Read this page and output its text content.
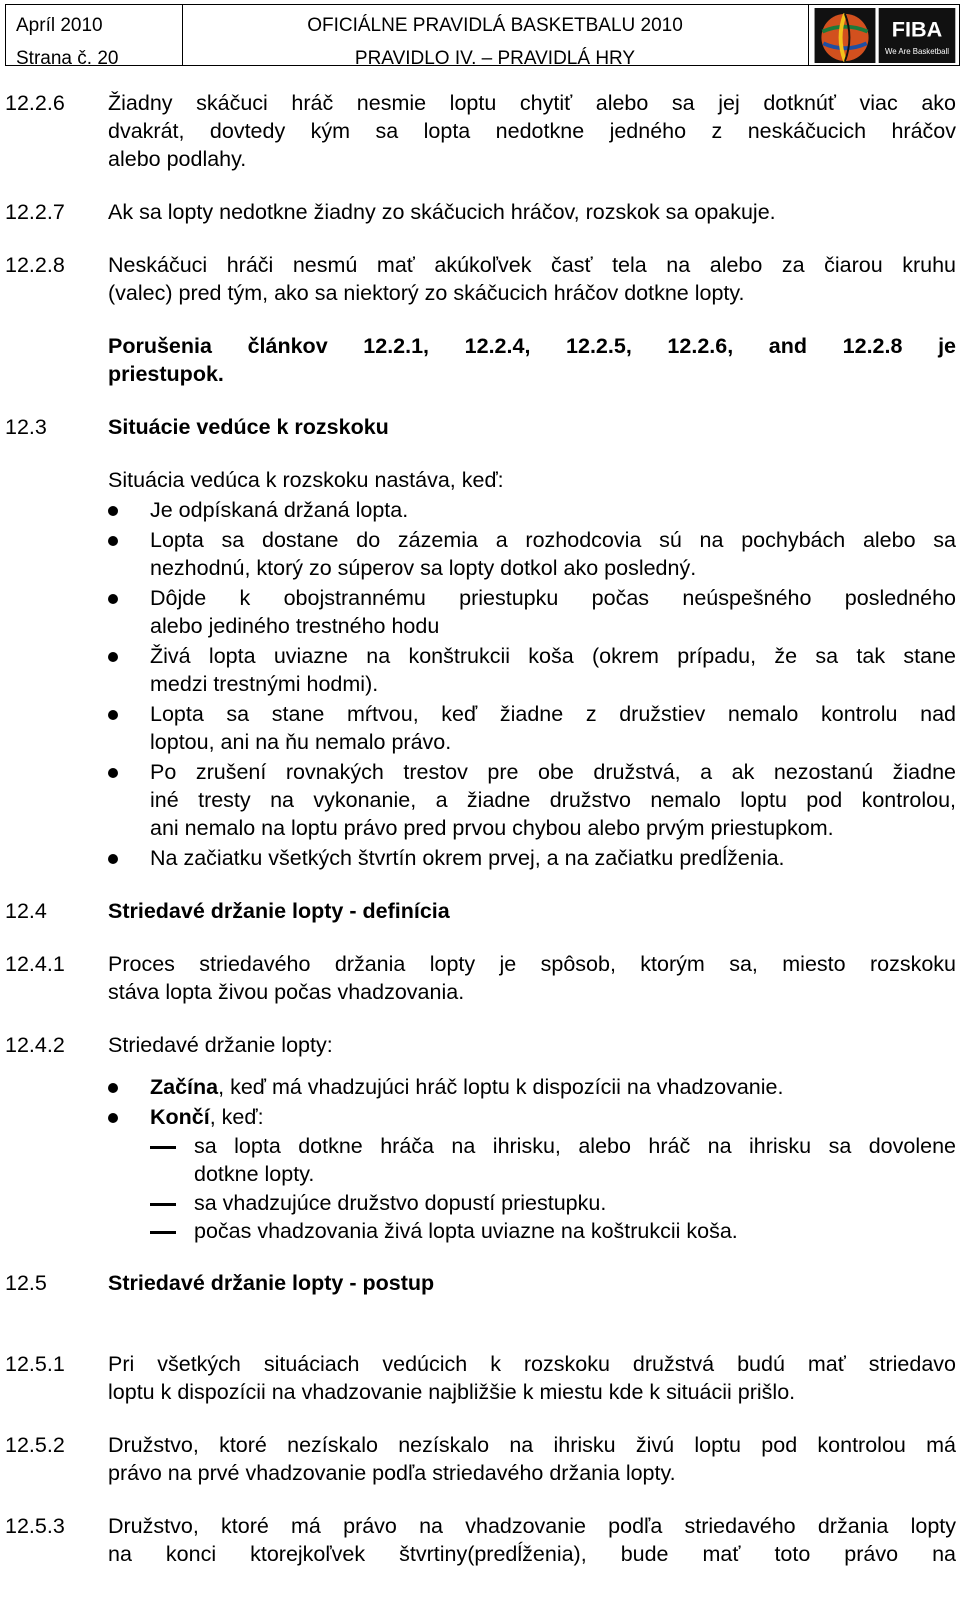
Apríl 2010
Strana č. 20
OFICIÁLNE PRAVIDLÁ BASKETBALU 2010
PRAVIDLO IV. – PRAVIDLÁ HRY
FIBA
We Are Basketball
12.2.6 Žiadny skáčuci hráč nesmie loptu chytiť alebo sa jej dotknúť viac ako
dvakrát, dovtedy kým sa lopta nedotkne jedného z neskáčucich hráčov
alebo podlahy.
12.2.7 Ak sa lopty nedotkne žiadny zo skáčucich hráčov, rozskok sa opakuje.
12.2.8 Neskáčuci hráči nesmú mať akúkoľvek časť tela na alebo za čiarou kruhu
(valec) pred tým, ako sa niektorý zo skáčucich hráčov dotkne lopty.
Porušenia článkov 12.2.1, 12.2.4, 12.2.5, 12.2.6, and 12.2.8 je
priestupok.
12.3	Situácie vedúce k rozskoku
Situácia vedúca k rozskoku nastáva, keď:
Je odpískaná držaná lopta.
Lopta sa dostane do zázemia a rozhodcovia sú na pochybách alebo sa
nezhodnú, ktorý zo súperov sa lopty dotkol ako posledný.
Dôjde k obojstrannému priestupku počas neúspešného posledného
alebo jediného trestného hodu
Živá lopta uviazne na konštrukcii koša (okrem prípadu, že sa tak stane
medzi trestnými hodmi).
Lopta sa stane mŕtvou, keď žiadne z družstiev nemalo kontrolu nad
loptou, ani na ňu nemalo právo.
Po zrušení rovnakých trestov pre obe družstvá, a ak nezostanú žiadne
iné tresty na vykonanie, a žiadne družstvo nemalo loptu pod kontrolou,
ani nemalo na loptu právo pred prvou chybou alebo prvým priestupkom.
Na začiatku všetkých štvrtín okrem prvej, a na začiatku predĺženia.
12.4	Striedavé držanie lopty - definícia
12.4.1 Proces striedavého držania lopty je spôsob, ktorým sa, miesto rozskoku
stáva lopta živou počas vhadzovania.
12.4.2 Striedavé držanie lopty:
Začína, keď má vhadzujúci hráč loptu k dispozícii na vhadzovanie.
Končí, keď:
sa lopta dotkne hráča na ihrisku, alebo hráč na ihrisku sa dovolene
dotkne lopty.
sa vhadzujúce družstvo dopustí priestupku.
počas vhadzovania živá lopta uviazne na koštrukcii koša.
12.5	Striedavé držanie lopty - postup
12.5.1 Pri všetkých situáciach vedúcich k rozskoku družstvá budú mať striedavo
loptu k dispozícii na vhadzovanie najbližšie k miestu kde k situácii prišlo.
12.5.2 Družstvo, ktoré nezískalo nezískalo na ihrisku živú loptu pod kontrolou má
právo na prvé vhadzovanie podľa striedavého držania lopty.
12.5.3 Družstvo, ktoré má právo na vhadzovanie podľa striedavého držania lopty
na konci ktorejkoľvek štvrtiny(predĺženia), bude mať toto právo na
